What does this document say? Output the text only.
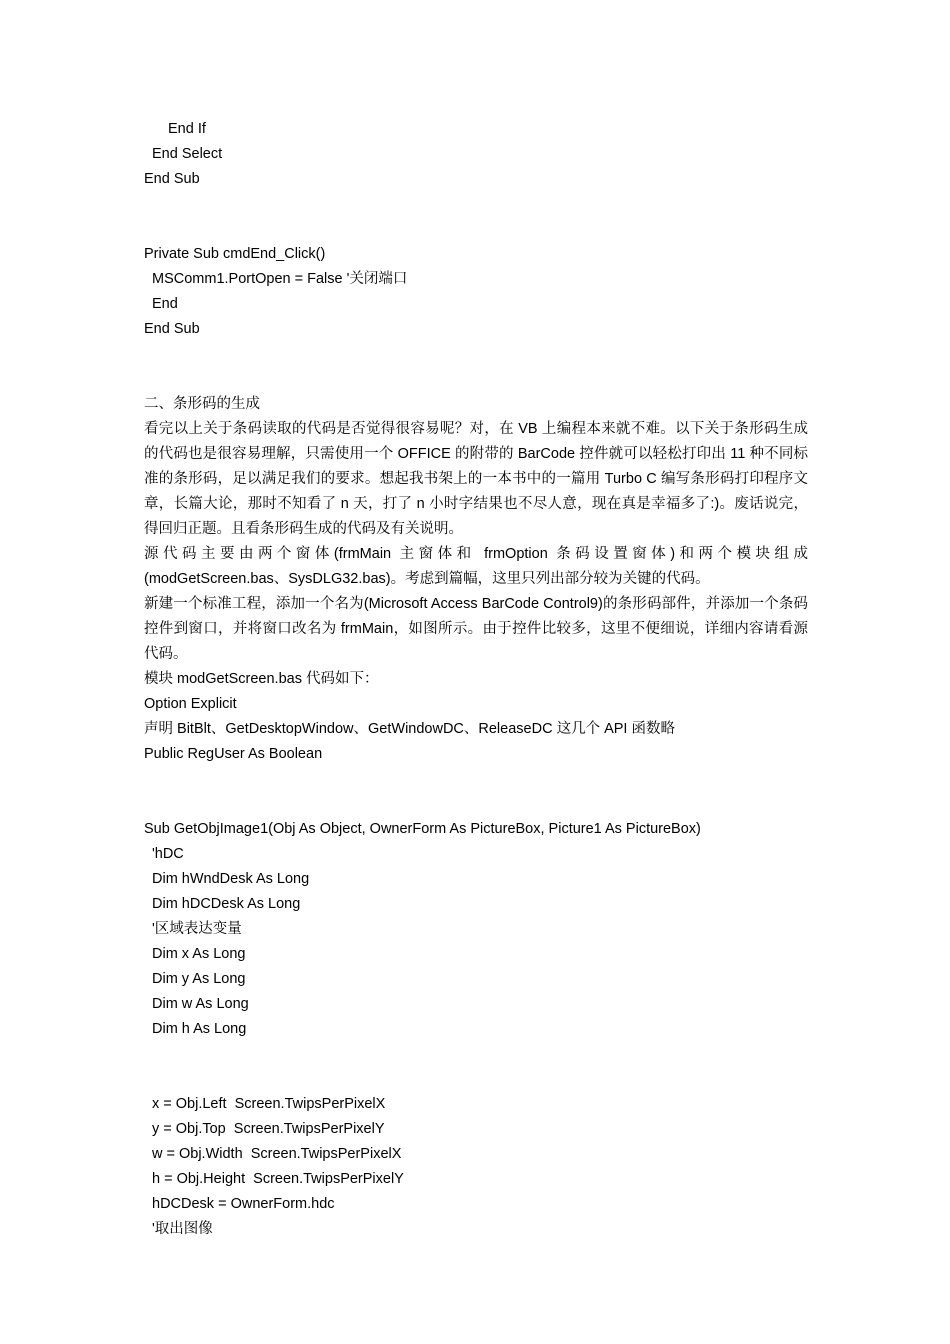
End If
End Select
End Sub
Private Sub cmdEnd_Click()
MSComm1.PortOpen = False '关闭端口
End
End Sub
二、条形码的生成
看完以上关于条码读取的代码是否觉得很容易呢？对，在 VB 上编程本来就不难。以下关于条形码生成的代码也是很容易理解，只需使用一个 OFFICE 的附带的 BarCode 控件就可以轻松打印出 11 种不同标准的条形码，足以满足我们的要求。想起我书架上的一本书中的一篇用 Turbo C 编写条形码打印程序文章，长篇大论，那时不知看了 n 天，打了 n 小时字结果也不尽人意，现在真是幸福多了:)。废话说完，得回归正题。且看条形码生成的代码及有关说明。
源代码主要由两个窗体(frmMain 主窗体和 frmOption 条码设置窗体)和两个模块组成(modGetScreen.bas、SysDLG32.bas)。考虑到篇幅，这里只列出部分较为关键的代码。
新建一个标准工程，添加一个名为(Microsoft Access BarCode Control9)的条形码部件，并添加一个条码控件到窗口，并将窗口改名为 frmMain，如图所示。由于控件比较多，这里不便细说，详细内容请看源代码。
模块 modGetScreen.bas 代码如下：
Option Explicit
声明 BitBlt、GetDesktopWindow、GetWindowDC、ReleaseDC 这几个 API 函数略
Public RegUser As Boolean
Sub GetObjImage1(Obj As Object, OwnerForm As PictureBox, Picture1 As PictureBox)
'hDC
Dim hWndDesk As Long
Dim hDCDesk As Long
'区域表达变量
Dim x As Long
Dim y As Long
Dim w As Long
Dim h As Long
x = Obj.Left  Screen.TwipsPerPixelX
y = Obj.Top  Screen.TwipsPerPixelY
w = Obj.Width  Screen.TwipsPerPixelX
h = Obj.Height  Screen.TwipsPerPixelY
hDCDesk = OwnerForm.hdc
'取出图像
